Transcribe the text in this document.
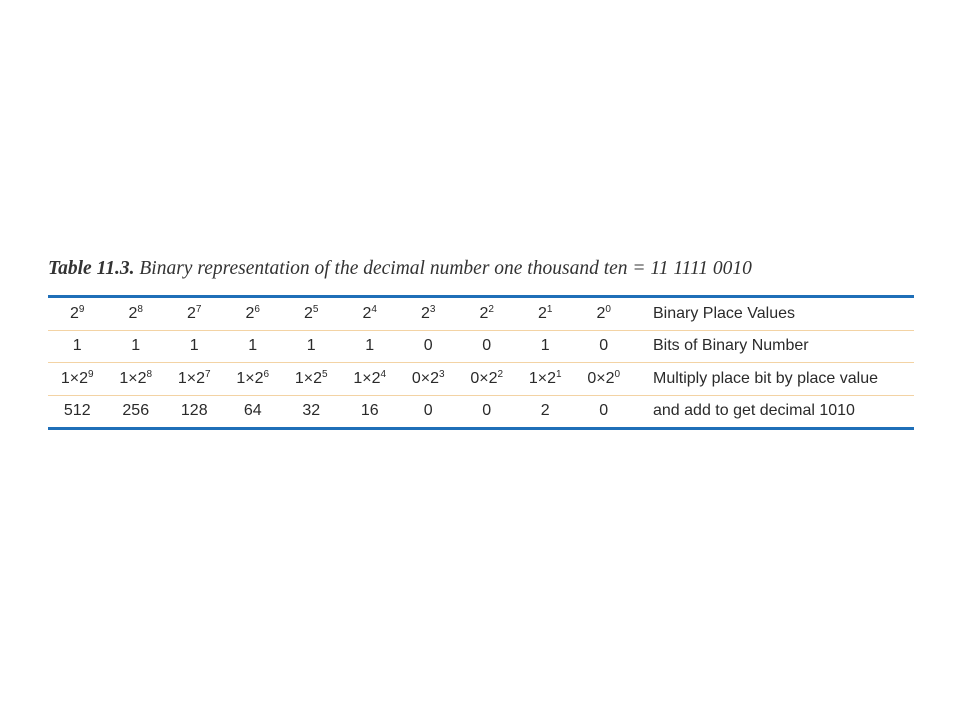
Table 11.3. Binary representation of the decimal number one thousand ten = 11 1111 0010
$2^9$	$2^8$	$2^7$	$2^6$	$2^5$	$2^4$	$2^3$	$2^2$	$2^1$	$2^0$	Binary Place Values
1	1	1	1	1	1	0	0	1	0	Bits of Binary Number
$1\times 2^9$	$1\times 2^8$	$1\times 2^7$	$1\times 2^6$	$1\times 2^5$	$1\times 2^4$	$0\times 2^3$	$0\times 2^2$	$1\times 2^1$	$0\times 2^0$	Multiply place bit by place value
512	256	128	64	32	16	0	0	2	0	and add to get decimal 1010
